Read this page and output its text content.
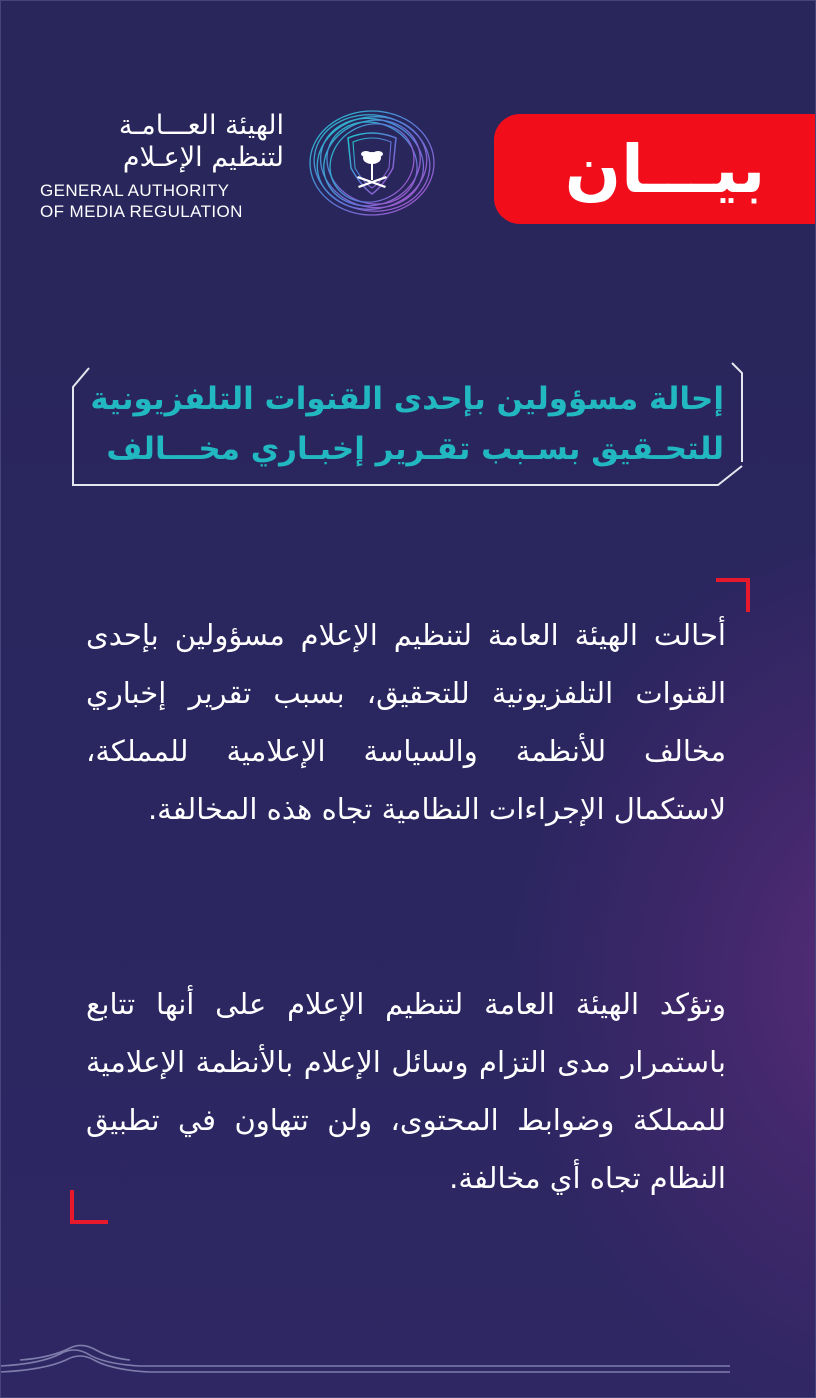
بيـــان
الهيئة العـــامـة
لتنظيم الإعـلام
GENERAL AUTHORITY
OF MEDIA REGULATION
إحالة مسؤولين بإحدى القنوات التلفزيونية
للتحـقيق بسـبب تقـرير إخبـاري مخـــالف

أحالت الهيئة العامة لتنظيم الإعلام مسؤولين بإحدى القنوات التلفزيونية للتحقيق، بسبب تقرير إخباري مخالف للأنظمة والسياسة الإعلامية للمملكة، لاستكمال الإجراءات النظامية تجاه هذه المخالفة.

وتؤكد الهيئة العامة لتنظيم الإعلام على أنها تتابع باستمرار مدى التزام وسائل الإعلام بالأنظمة الإعلامية للمملكة وضوابط المحتوى، ولن تتهاون في تطبيق النظام تجاه أي مخالفة.
